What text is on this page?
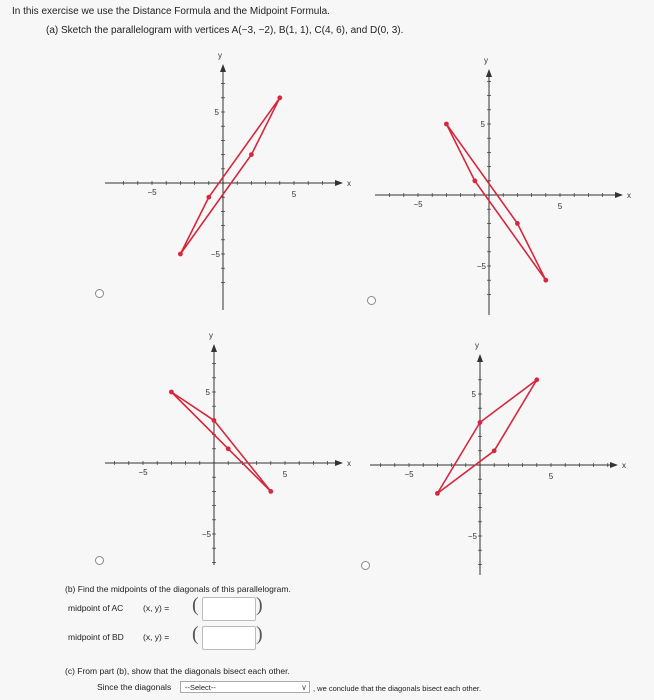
In this exercise we use the Distance Formula and the Midpoint Formula.
(a) Sketch the parallelogram with vertices A(−3, −2), B(1, 1), C(4, 6), and D(0, 3).
x
y
−5	5
5
−5
x
y
−5	5
5
−5
x
y
−5	5
5
−5
x
y
−5	5
5
−5
(b) Find the midpoints of the diagonals of this parallelogram.
midpoint of AC (x, y) = (	)
midpoint of BD (x, y) = (	)
(c) From part (b), show that the diagonals bisect each other.
Since the diagonals	--Select--	∨ , we conclude that the diagonals bisect each other.
